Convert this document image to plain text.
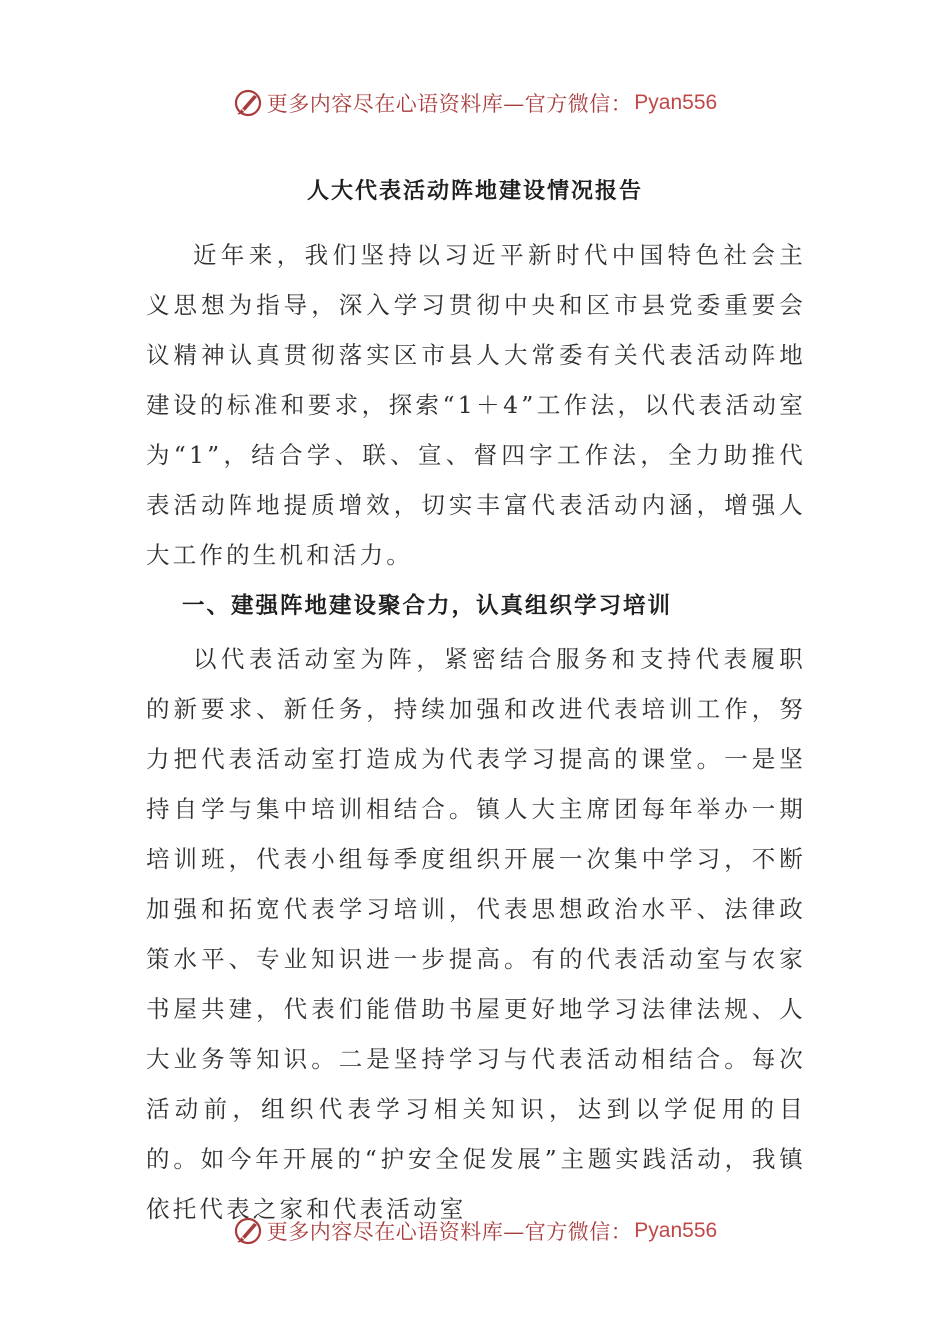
更多内容尽在心语资料库—官方微信： Pyan556
人大代表活动阵地建设情况报告

近年来，我们坚持以习近平新时代中国特色社会主义思想为指导，深入学习贯彻中央和区市县党委重要会议精神认真贯彻落实区市县人大常委有关代表活动阵地建设的标准和要求，探索“1＋4”工作法，以代表活动室为“1”，结合学、联、宣、督四字工作法，全力助推代表活动阵地提质增效，切实丰富代表活动内涵，增强人大工作的生机和活力。

一、建强阵地建设聚合力，认真组织学习培训

以代表活动室为阵，紧密结合服务和支持代表履职的新要求、新任务，持续加强和改进代表培训工作，努力把代表活动室打造成为代表学习提高的课堂。一是坚持自学与集中培训相结合。镇人大主席团每年举办一期培训班，代表小组每季度组织开展一次集中学习，不断加强和拓宽代表学习培训，代表思想政治水平、法律政策水平、专业知识进一步提高。有的代表活动室与农家书屋共建，代表们能借助书屋更好地学习法律法规、人大业务等知识。二是坚持学习与代表活动相结合。每次活动前，组织代表学习相关知识，达到以学促用的目的。如今年开展的“护安全促发展”主题实践活动，我镇依托代表之家和代表活动室

更多内容尽在心语资料库—官方微信： Pyan556
